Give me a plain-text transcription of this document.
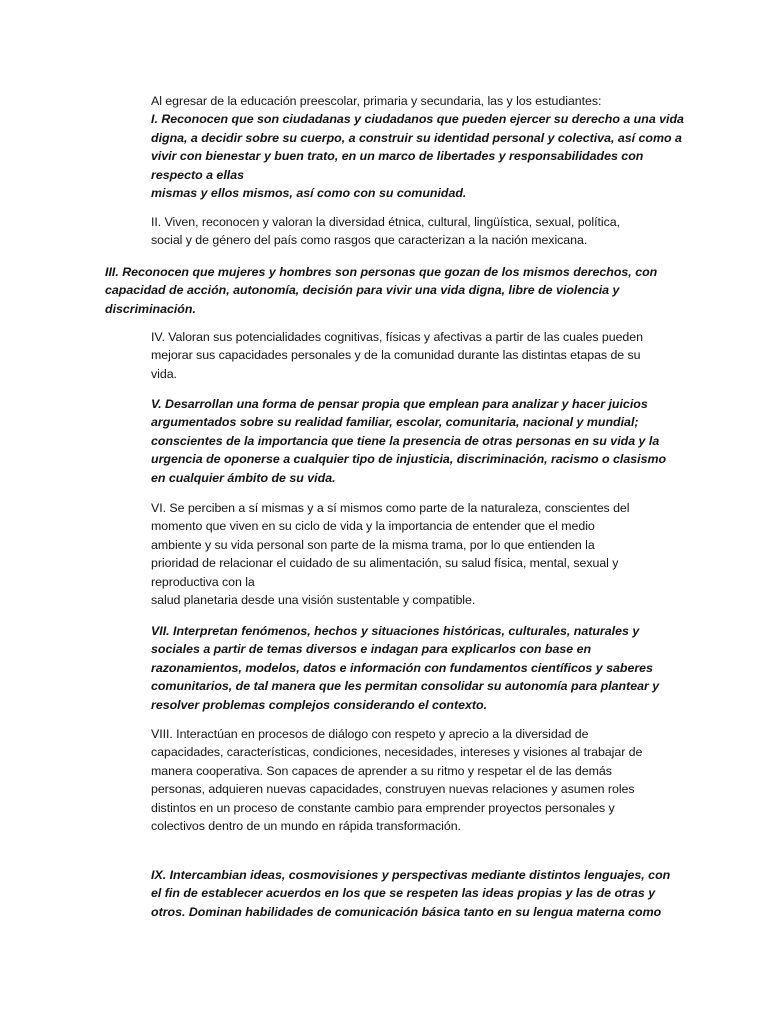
Al egresar de la educación preescolar, primaria y secundaria, las y los estudiantes:
I. Reconocen que son ciudadanas y ciudadanos que pueden ejercer su derecho a una vida
digna, a decidir sobre su cuerpo, a construir su identidad personal y colectiva, así como a
vivir con bienestar y buen trato, en un marco de libertades y responsabilidades con
respecto a ellas
mismas y ellos mismos, así como con su comunidad.
II. Viven, reconocen y valoran la diversidad étnica, cultural, lingüística, sexual, política,
social y de género del país como rasgos que caracterizan a la nación mexicana.
III. Reconocen que mujeres y hombres son personas que gozan de los mismos derechos, con
capacidad de acción, autonomía, decisión para vivir una vida digna, libre de violencia y
discriminación.
IV. Valoran sus potencialidades cognitivas, físicas y afectivas a partir de las cuales pueden
mejorar sus capacidades personales y de la comunidad durante las distintas etapas de su
vida.
V. Desarrollan una forma de pensar propia que emplean para analizar y hacer juicios
argumentados sobre su realidad familiar, escolar, comunitaria, nacional y mundial;
conscientes de la importancia que tiene la presencia de otras personas en su vida y la
urgencia de oponerse a cualquier tipo de injusticia, discriminación, racismo o clasismo
en cualquier ámbito de su vida.
VI. Se perciben a sí mismas y a sí mismos como parte de la naturaleza, conscientes del
momento que viven en su ciclo de vida y la importancia de entender que el medio
ambiente y su vida personal son parte de la misma trama, por lo que entienden la
prioridad de relacionar el cuidado de su alimentación, su salud física, mental, sexual y
reproductiva con la
salud planetaria desde una visión sustentable y compatible.
VII. Interpretan fenómenos, hechos y situaciones históricas, culturales, naturales y
sociales a partir de temas diversos e indagan para explicarlos con base en
razonamientos, modelos, datos e información con fundamentos científicos y saberes
comunitarios, de tal manera que les permitan consolidar su autonomía para plantear y
resolver problemas complejos considerando el contexto.
VIII. Interactúan en procesos de diálogo con respeto y aprecio a la diversidad de
capacidades, características, condiciones, necesidades, intereses y visiones al trabajar de
manera cooperativa. Son capaces de aprender a su ritmo y respetar el de las demás
personas, adquieren nuevas capacidades, construyen nuevas relaciones y asumen roles
distintos en un proceso de constante cambio para emprender proyectos personales y
colectivos dentro de un mundo en rápida transformación.
IX. Intercambian ideas, cosmovisiones y perspectivas mediante distintos lenguajes, con
el fin de establecer acuerdos en los que se respeten las ideas propias y las de otras y
otros. Dominan habilidades de comunicación básica tanto en su lengua materna como
